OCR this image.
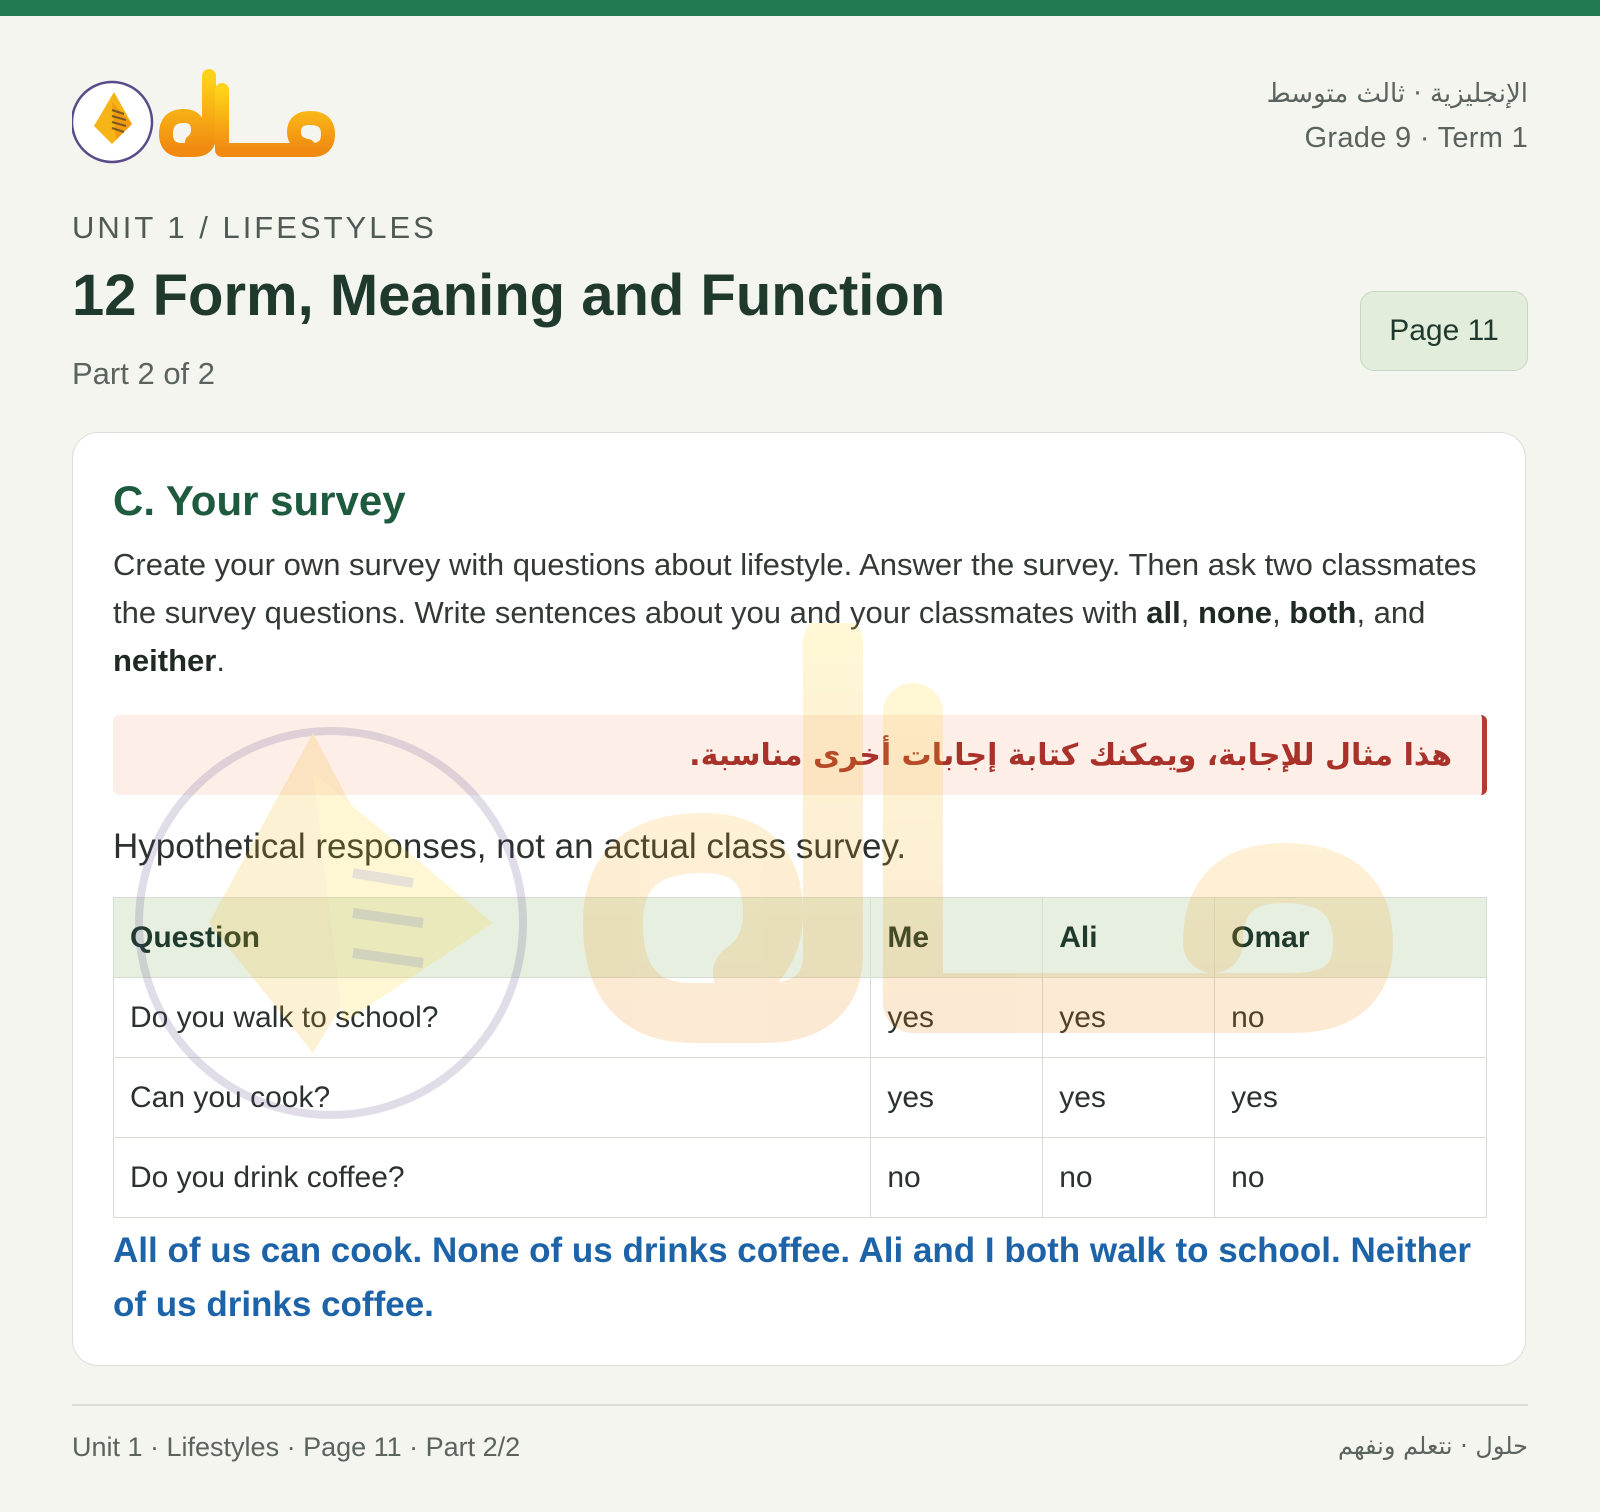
الإنجليزية · ثالث متوسط
Grade 9 · Term 1
UNIT 1 / LIFESTYLES
12 Form, Meaning and Function
Part 2 of 2
Page 11
C. Your survey

Create your own survey with questions about lifestyle. Answer the survey. Then ask two classmates the survey questions. Write sentences about you and your classmates with all, none, both, and neither.

هذا مثال للإجابة، ويمكنك كتابة إجابات أخرى مناسبة.
Hypothetical responses, not an actual class survey.
Question	Me	Ali	Omar
Do you walk to school?	yes	yes	no
Can you cook?	yes	yes	yes
Do you drink coffee?	no	no	no
All of us can cook. None of us drinks coffee. Ali and I both walk to school. Neither of us drinks coffee.
Unit 1 · Lifestyles · Page 11 · Part 2/2	حلول · نتعلم ونفهم
